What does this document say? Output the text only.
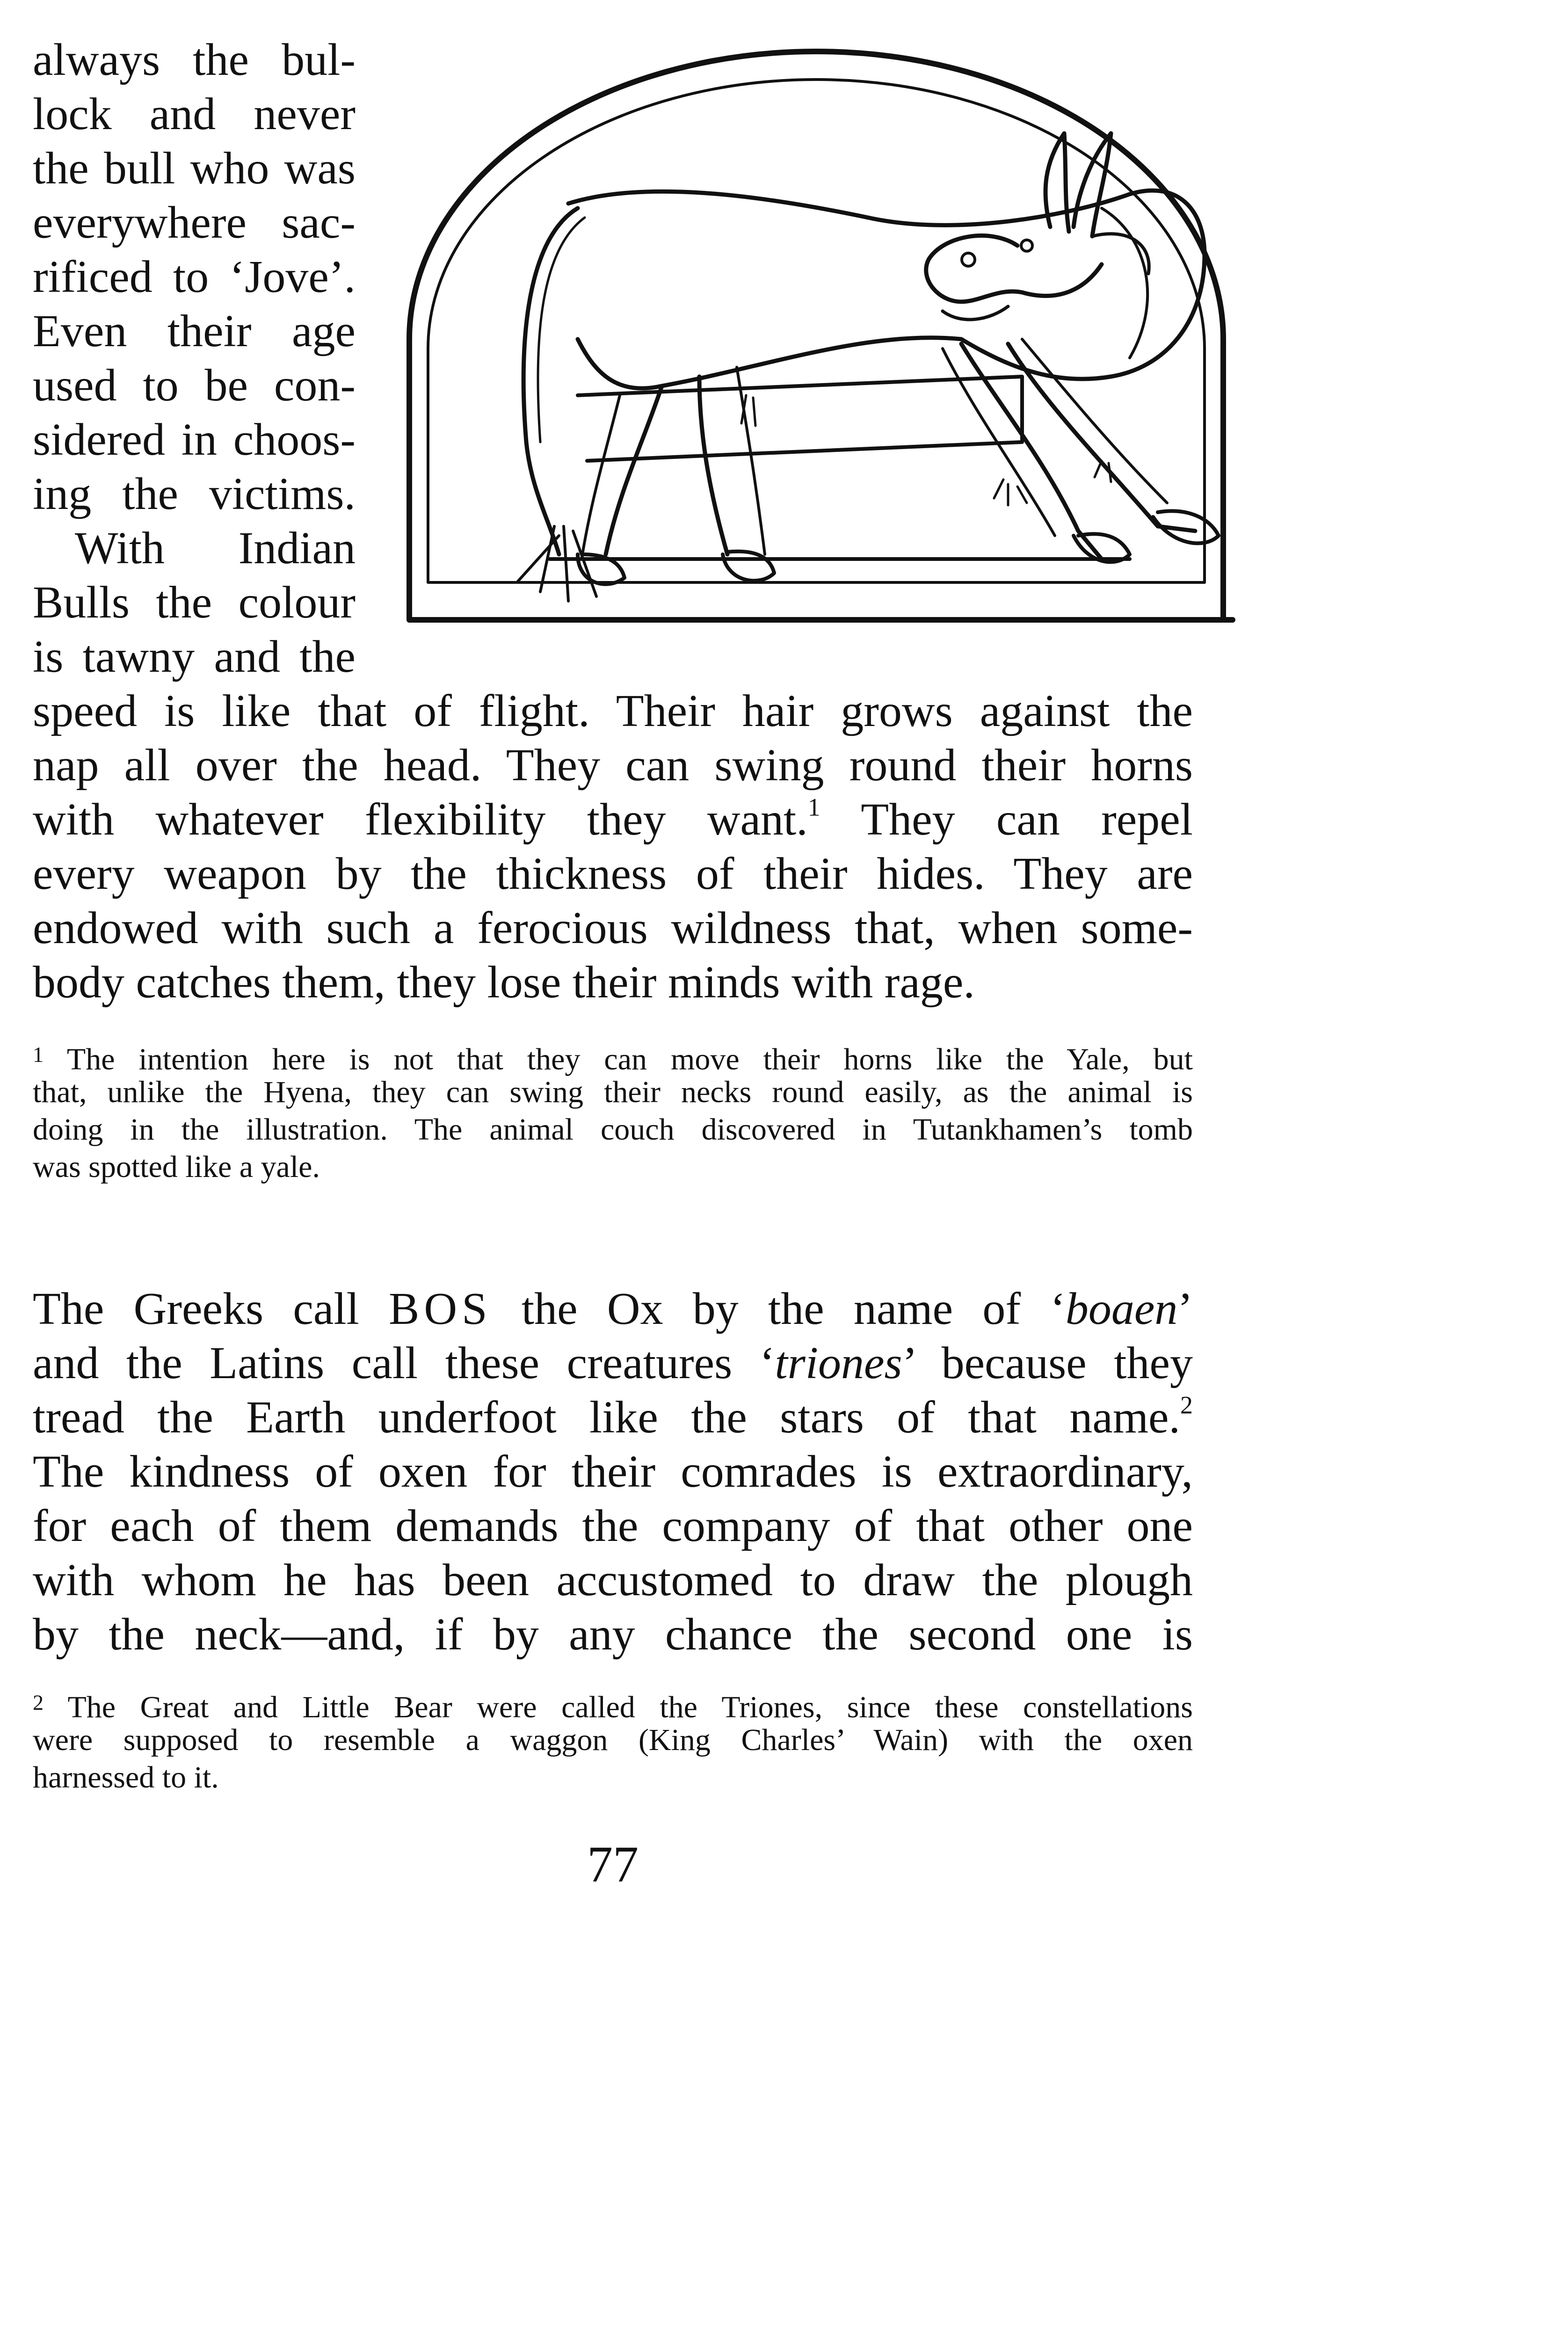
always the bul-
lock and never
the bull who was
everywhere sac-
rificed to ‘Jove’.
Even their age
used to be con-
sidered in choos-
ing the victims.
With Indian
Bulls the colour
is tawny and the
speed is like that of flight. Their hair grows against the
nap all over the head. They can swing round their horns
with whatever flexibility they want.$^1$ They can repel
every weapon by the thickness of their hides. They are
endowed with such a ferocious wildness that, when some-
body catches them, they lose their minds with rage.
$^1$ The intention here is not that they can move their horns like the Yale, but
that, unlike the Hyena, they can swing their necks round easily, as the animal is
doing in the illustration. The animal couch discovered in Tutankhamen’s tomb
was spotted like a yale.
The Greeks call BOS the Ox by the name of ‘boaen’
and the Latins call these creatures ‘triones’ because they
tread the Earth underfoot like the stars of that name.$^2$
The kindness of oxen for their comrades is extraordinary,
for each of them demands the company of that other one
with whom he has been accustomed to draw the plough
by the neck—and, if by any chance the second one is
$^2$ The Great and Little Bear were called the Triones, since these constellations
were supposed to resemble a waggon (King Charles’ Wain) with the oxen
harnessed to it.
77
